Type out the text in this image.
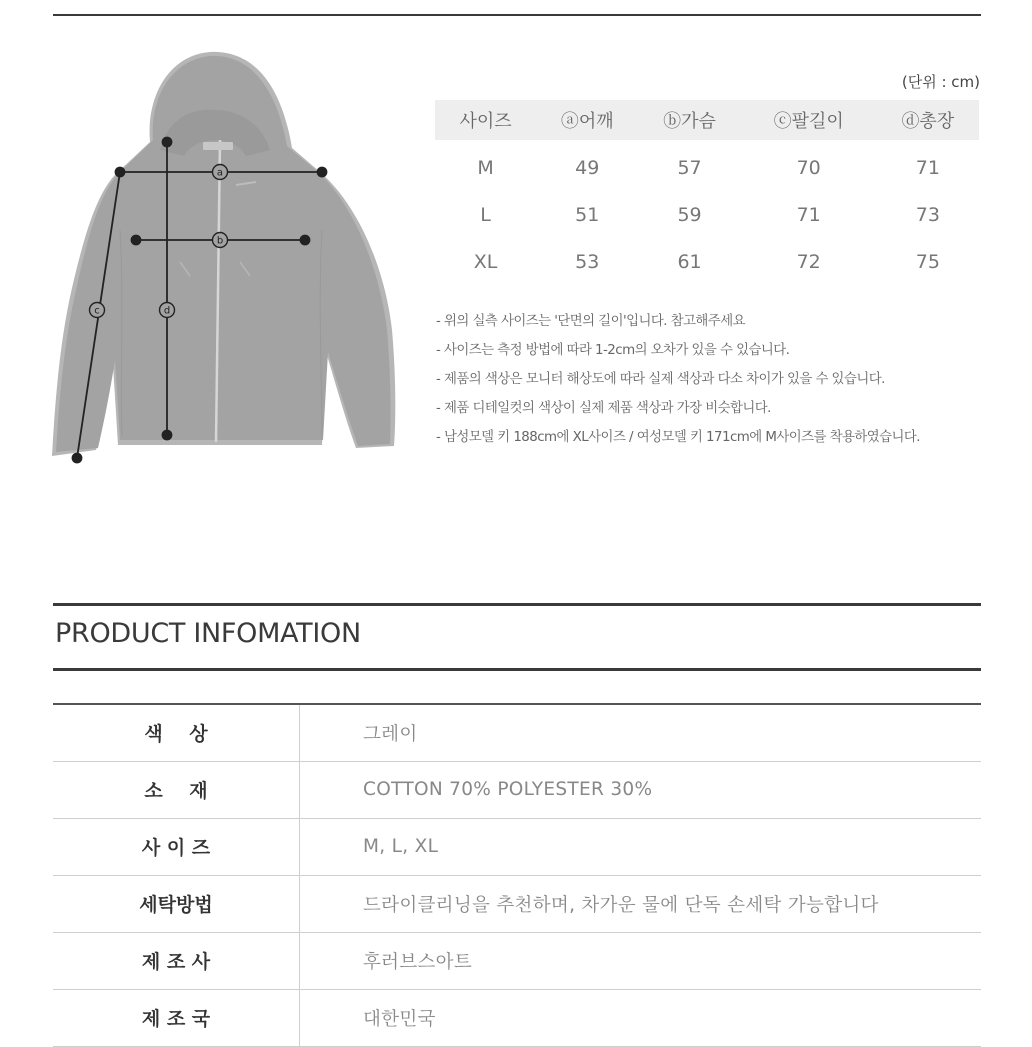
a
b
c	d
(단위 : cm)
사이즈	ⓐ어깨	ⓑ가슴	ⓒ팔길이	ⓓ총장
M	49	57	70	71
L	51	59	71	73
XL	53	61	72	75
- 위의 실측 사이즈는 '단면의 길이'입니다. 참고해주세요
- 사이즈는 측정 방법에 따라 1-2cm의 오차가 있을 수 있습니다.
- 제품의 색상은 모니터 해상도에 따라 실제 색상과 다소 차이가 있을 수 있습니다.
- 제품 디테일컷의 색상이 실제 제품 색상과 가장 비슷합니다.
- 남성모델 키 188cm에 XL사이즈 / 여성모델 키 171cm에 M사이즈를 착용하였습니다.
PRODUCT INFOMATION
색    상	그레이
소    재	COTTON 70% POLYESTER 30%
사 이 즈	M, L, XL
세탁방법	드라이클리닝을 추천하며, 차가운 물에 단독 손세탁 가능합니다
제 조 사	후러브스아트
제 조 국	대한민국
